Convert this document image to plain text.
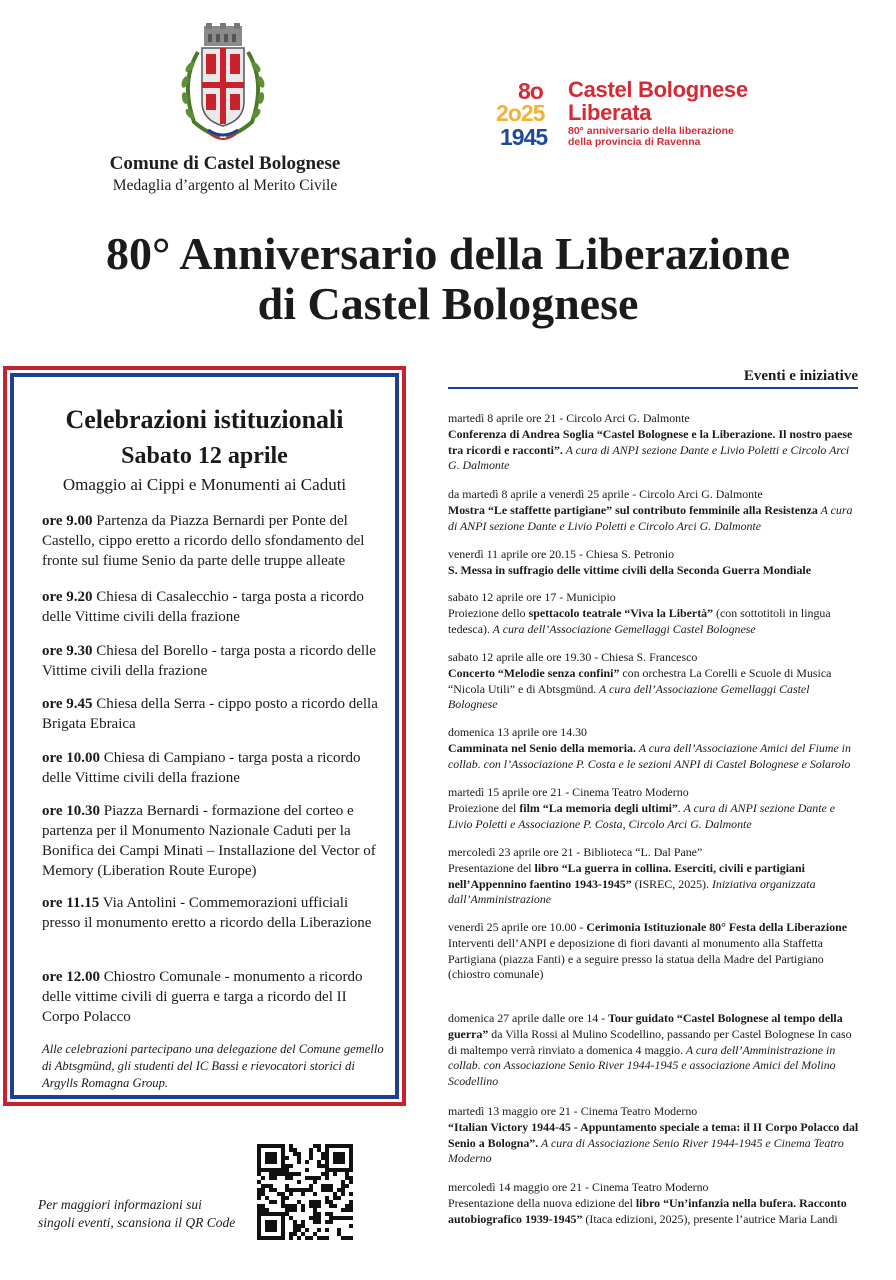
Comune di Castel Bolognese
Medaglia d’argento al Merito Civile
8o
2o25
1945
Castel Bolognese
Liberata
80° anniversario della liberazione
della provincia di Ravenna
80° Anniversario della Liberazione
di Castel Bolognese
Celebrazioni istituzionali
Sabato 12 aprile
Omaggio ai Cippi e Monumenti ai Caduti
ore 9.00 Partenza da Piazza Bernardi per Ponte del Castello, cippo eretto a ricordo dello sfondamento del fronte sul fiume Senio da parte delle truppe alleate
ore 9.20 Chiesa di Casalecchio - targa posta a ricordo delle Vittime civili della frazione
ore 9.30 Chiesa del Borello - targa posta a ricordo delle Vittime civili della frazione
ore 9.45 Chiesa della Serra - cippo posto a ricordo della Brigata Ebraica
ore 10.00 Chiesa di Campiano - targa posta a ricordo delle Vittime civili della frazione
ore 10.30 Piazza Bernardi - formazione del corteo e partenza per il Monumento Nazionale Caduti per la Bonifica dei Campi Minati – Installazione del Vector of Memory (Liberation Route Europe)
ore 11.15 Via Antolini - Commemorazioni ufficiali presso il monumento eretto a ricordo della Liberazione
ore 12.00 Chiostro Comunale - monumento a ricordo delle vittime civili di guerra e targa a ricordo del II Corpo Polacco
Alle celebrazioni partecipano una delegazione del Comune gemello di Abtsgmünd, gli studenti del IC Bassi e rievocatori storici di Argylls Romagna Group.
Eventi e iniziative
martedì 8 aprile ore 21 - Circolo Arci G. Dalmonte
Conferenza di Andrea Soglia “Castel Bolognese e la Liberazione. Il nostro paese tra ricordi e racconti”. A cura di ANPI sezione Dante e Livio Poletti e Circolo Arci G. Dalmonte
da martedì 8 aprile a venerdì 25 aprile - Circolo Arci G. Dalmonte
Mostra “Le staffette partigiane” sul contributo femminile alla Resistenza A cura di ANPI sezione Dante e Livio Poletti e Circolo Arci G. Dalmonte
venerdì 11 aprile ore 20.15 - Chiesa S. Petronio
S. Messa in suffragio delle vittime civili della Seconda Guerra Mondiale
sabato 12 aprile ore 17 - Municipio
Proiezione dello spettacolo teatrale “Viva la Libertà” (con sottotitoli in lingua tedesca). A cura dell’Associazione Gemellaggi Castel Bolognese
sabato 12 aprile alle ore 19.30 - Chiesa S. Francesco
Concerto “Melodie senza confini” con orchestra La Corelli e Scuole di Musica “Nicola Utili” e di Abtsgmünd. A cura dell’Associazione Gemellaggi Castel Bolognese
domenica 13 aprile ore 14.30
Camminata nel Senio della memoria. A cura dell’Associazione Amici del Fiume in collab. con l’Associazione P. Costa e le sezioni ANPI di Castel Bolognese e Solarolo
martedì 15 aprile ore 21 - Cinema Teatro Moderno
Proiezione del film “La memoria degli ultimi”. A cura di ANPI sezione Dante e Livio Poletti e Associazione P. Costa, Circolo Arci G. Dalmonte
mercoledì 23 aprile ore 21 - Biblioteca “L. Dal Pane”
Presentazione del libro “La guerra in collina. Eserciti, civili e partigiani nell’Appennino faentino 1943-1945” (ISREC, 2025). Iniziativa organizzata dall’Amministrazione
venerdì 25 aprile ore 10.00 - Cerimonia Istituzionale 80° Festa della Liberazione
Interventi dell’ANPI e deposizione di fiori davanti al monumento alla Staffetta Partigiana (piazza Fanti) e a seguire presso la statua della Madre del Partigiano (chiostro comunale)
domenica 27 aprile dalle ore 14 - Tour guidato “Castel Bolognese al tempo della guerra” da Villa Rossi al Mulino Scodellino, passando per Castel Bolognese In caso di maltempo verrà rinviato a domenica 4 maggio. A cura dell’Amministrazione in collab. con Associazione Senio River 1944-1945 e associazione Amici del Molino Scodellino
martedì 13 maggio ore 21 - Cinema Teatro Moderno
“Italian Victory 1944-45 - Appuntamento speciale a tema: il II Corpo Polacco dal Senio a Bologna”. A cura di Associazione Senio River 1944-1945 e Cinema Teatro Moderno
mercoledì 14 maggio ore 21 - Cinema Teatro Moderno
Presentazione della nuova edizione del libro “Un’infanzia nella bufera. Racconto autobiografico 1939-1945” (Itaca edizioni, 2025), presente l’autrice Maria Landi
Per maggiori informazioni sui singoli eventi, scansiona il QR Code
